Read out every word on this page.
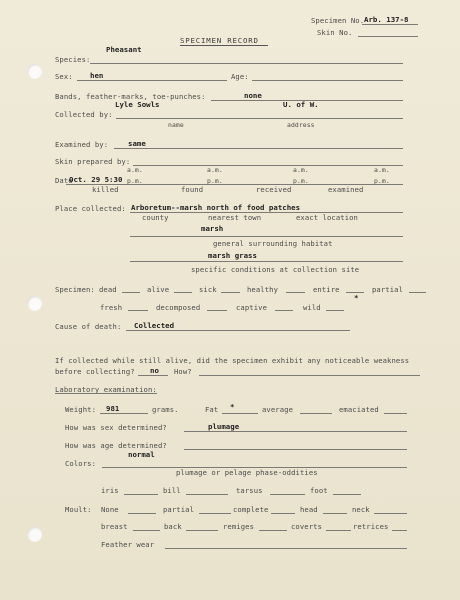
Specimen No. Arb. 137-8
Skin No.
SPECIMEN RECORD
Pheasant
Species:
Sex: hen	Age:
Bands, feather-marks, toe-punches:	none
Lyle Sowls	U. of W.
Collected by:
name	address
Examined by:	same
Skin prepared by:
a.m.	a.m.	a.m.	a.m.
Date
Oct. 29 5:30 p.m.	p.m.	p.m.	p.m.
killed	found	received	examined
Place collected: Arboretum--marsh north of food patches
county	nearest town	exact location
marsh
general surrounding habitat
marsh grass
specific conditions at collection site
Specimen: dead	alive	sick	healthy	entire
*
partial
fresh	decomposed	captive	wild
Cause of death: Collected
If collected while still alive, did the specimen exhibit any noticeable weakness
before collecting? no How?
Laboratory examination:
Weight: 981	grams.	Fat *	average	emaciated
How was sex determined?	plumage
How was age determined?
normal
Colors:
plumage or pelage phase-oddities
iris	bill	tarsus	foot
Moult: None	partial	complete	head	neck
breast	back	remiges	coverts	retrices
Feather wear
